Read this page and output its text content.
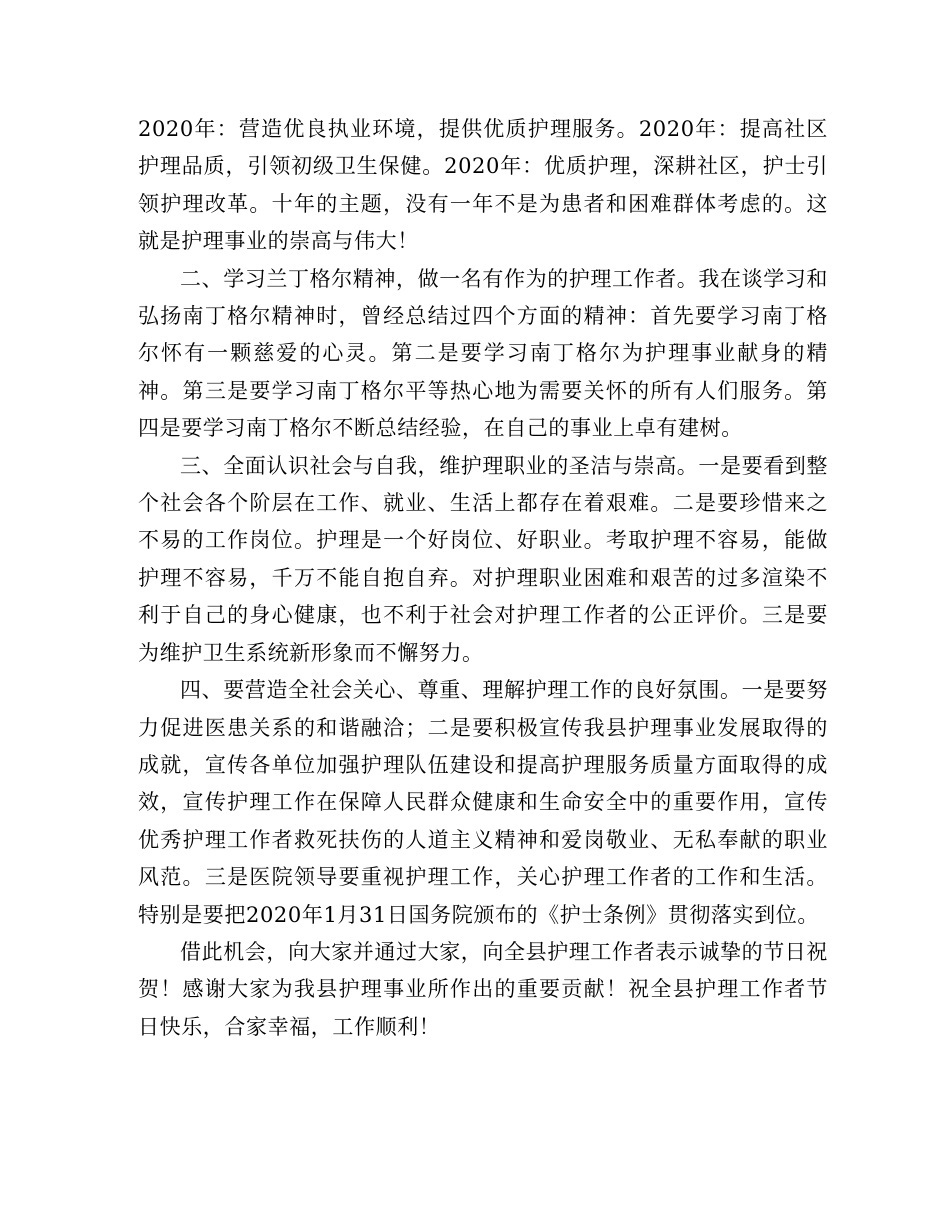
2020年：营造优良执业环境，提供优质护理服务。2020年：提高社区护理品质，引领初级卫生保健。2020年：优质护理，深耕社区，护士引领护理改革。十年的主题，没有一年不是为患者和困难群体考虑的。这就是护理事业的崇高与伟大！

二、学习兰丁格尔精神，做一名有作为的护理工作者。我在谈学习和弘扬南丁格尔精神时，曾经总结过四个方面的精神：首先要学习南丁格尔怀有一颗慈爱的心灵。第二是要学习南丁格尔为护理事业献身的精神。第三是要学习南丁格尔平等热心地为需要关怀的所有人们服务。第四是要学习南丁格尔不断总结经验，在自己的事业上卓有建树。

三、全面认识社会与自我，维护理职业的圣洁与崇高。一是要看到整个社会各个阶层在工作、就业、生活上都存在着艰难。二是要珍惜来之不易的工作岗位。护理是一个好岗位、好职业。考取护理不容易，能做护理不容易，千万不能自抱自弃。对护理职业困难和艰苦的过多渲染不利于自己的身心健康，也不利于社会对护理工作者的公正评价。三是要为维护卫生系统新形象而不懈努力。

四、要营造全社会关心、尊重、理解护理工作的良好氛围。一是要努力促进医患关系的和谐融洽；二是要积极宣传我县护理事业发展取得的成就，宣传各单位加强护理队伍建设和提高护理服务质量方面取得的成效，宣传护理工作在保障人民群众健康和生命安全中的重要作用，宣传优秀护理工作者救死扶伤的人道主义精神和爱岗敬业、无私奉献的职业风范。三是医院领导要重视护理工作，关心护理工作者的工作和生活。特别是要把2020年1月31日国务院颁布的《护士条例》贯彻落实到位。

借此机会，向大家并通过大家，向全县护理工作者表示诚挚的节日祝贺！感谢大家为我县护理事业所作出的重要贡献！祝全县护理工作者节日快乐，合家幸福，工作顺利！
